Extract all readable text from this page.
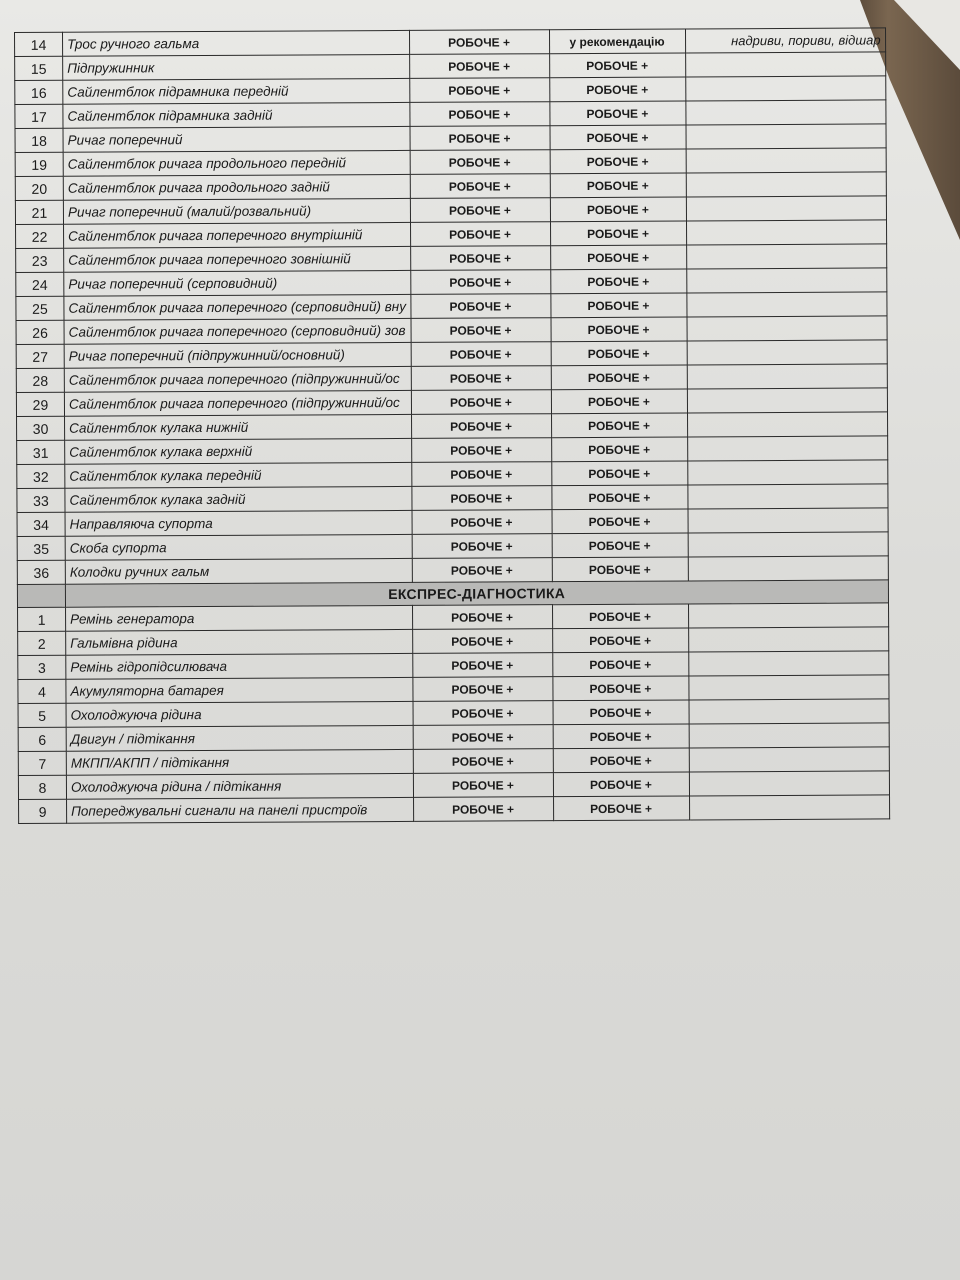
14	Трос ручного гальма	РОБОЧЕ +	у рекомендацію	надриви, пориви, відшар
15	Підпружинник	РОБОЧЕ +	РОБОЧЕ +	
16	Сайлентблок підрамника передній	РОБОЧЕ +	РОБОЧЕ +	
17	Сайлентблок підрамника задній	РОБОЧЕ +	РОБОЧЕ +	
18	Ричаг поперечний	РОБОЧЕ +	РОБОЧЕ +	
19	Сайлентблок ричага продольного передній	РОБОЧЕ +	РОБОЧЕ +	
20	Сайлентблок ричага продольного задній	РОБОЧЕ +	РОБОЧЕ +	
21	Ричаг поперечний (малий/розвальний)	РОБОЧЕ +	РОБОЧЕ +	
22	Сайлентблок ричага поперечного внутрішній	РОБОЧЕ +	РОБОЧЕ +	
23	Сайлентблок ричага поперечного зовнішній	РОБОЧЕ +	РОБОЧЕ +	
24	Ричаг поперечний (серповидний)	РОБОЧЕ +	РОБОЧЕ +	
25	Сайлентблок ричага поперечного (серповидний) вну	РОБОЧЕ +	РОБОЧЕ +	
26	Сайлентблок ричага поперечного (серповидний) зов	РОБОЧЕ +	РОБОЧЕ +	
27	Ричаг поперечний (підпружинний/основний)	РОБОЧЕ +	РОБОЧЕ +	
28	Сайлентблок ричага поперечного (підпружинний/ос	РОБОЧЕ +	РОБОЧЕ +	
29	Сайлентблок ричага поперечного (підпружинний/ос	РОБОЧЕ +	РОБОЧЕ +	
30	Сайлентблок кулака нижній	РОБОЧЕ +	РОБОЧЕ +	
31	Сайлентблок кулака верхній	РОБОЧЕ +	РОБОЧЕ +	
32	Сайлентблок кулака передній	РОБОЧЕ +	РОБОЧЕ +	
33	Сайлентблок кулака задній	РОБОЧЕ +	РОБОЧЕ +	
34	Направляюча супорта	РОБОЧЕ +	РОБОЧЕ +	
35	Скоба супорта	РОБОЧЕ +	РОБОЧЕ +	
36	Колодки ручних гальм	РОБОЧЕ +	РОБОЧЕ +	
	ЕКСПРЕС-ДІАГНОСТИКА			
1	Ремінь генератора	РОБОЧЕ +	РОБОЧЕ +	
2	Гальмівна рідина	РОБОЧЕ +	РОБОЧЕ +	
3	Ремінь гідропідсилювача	РОБОЧЕ +	РОБОЧЕ +	
4	Акумуляторна батарея	РОБОЧЕ +	РОБОЧЕ +	
5	Охолоджуюча рідина	РОБОЧЕ +	РОБОЧЕ +	
6	Двигун / підтікання	РОБОЧЕ +	РОБОЧЕ +	
7	МКПП/АКПП / підтікання	РОБОЧЕ +	РОБОЧЕ +	
8	Охолоджуюча рідина / підтікання	РОБОЧЕ +	РОБОЧЕ +	
9	Попереджувальні сигнали на панелі пристроїв	РОБОЧЕ +	РОБОЧЕ +	
